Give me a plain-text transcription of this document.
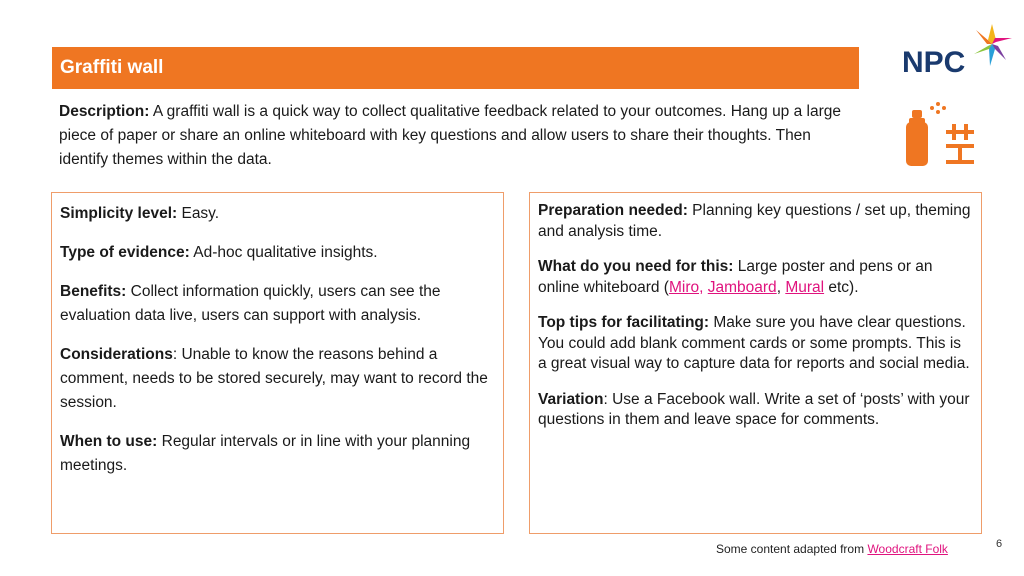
Graffiti wall	NPC
Description: A graffiti wall is a quick way to collect qualitative feedback related to your outcomes. Hang up a large piece of paper or share an online whiteboard with key questions and allow users to share their thoughts. Then identify themes within the data.

Simplicity level: Easy.

Type of evidence: Ad-hoc qualitative insights.

Benefits: Collect information quickly, users can see the evaluation data live, users can support with analysis.

Considerations: Unable to know the reasons behind a comment, needs to be stored securely, may want to record the session.

When to use: Regular intervals or in line with your planning meetings.

Preparation needed: Planning key questions / set up, theming and analysis time.

What do you need for this: Large poster and pens or an online whiteboard (Miro, Jamboard, Mural etc).

Top tips for facilitating: Make sure you have clear questions. You could add blank comment cards or some prompts. This is a great visual way to capture data for reports and social media.

Variation: Use a Facebook wall. Write a set of ‘posts’ with your questions in them and leave space for comments.

Some content adapted from Woodcraft Folk	6
